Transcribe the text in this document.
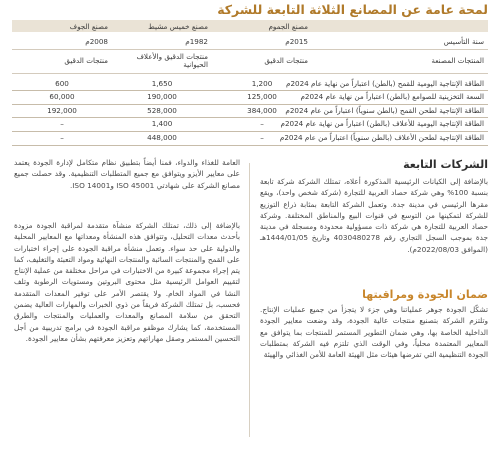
لمحة عامة عن المصانع الثلاثة التابعة للشركة
	مصنع الجموم	مصنع خميس مشيط	مصنع الجوف

سنة التأسيس	2015م	1982م	2008م
المنتجات المصنعة	منتجات الدقيق	منتجات الدقيق والأعلاف الحيوانية	منتجات الدقيق

الطاقة الإنتاجية اليومية للقمح (بالطن) اعتباراً من نهاية عام 2024م	1,200	1,650	600
السعة التخزينية للصوامع (بالطن) اعتباراً من نهاية عام 2024م	125,000	190,000	60,000
الطاقة الإنتاجية لطحن القمح (بالطن سنوياً) اعتباراً من عام 2024م	384,000	528,000	192,000
الطاقة الإنتاجية اليومية للأعلاف (بالطن) اعتباراً من نهاية عام 2024م	–	1,400	–
الطاقة الإنتاجية لطحن الأعلاف (بالطن سنوياً) اعتباراً من عام 2024م	–	448,000	–
الشركات التابعة

بالإضافة إلى الكيانات الرئيسية المذكورة أعلاه، تمتلك الشركة شركة تابعة بنسبة 100% وهي شركة حصاد العربية للتجارة (شركة شخص واحد)، ويقع مقرها الرئيسي في مدينة جدة. وتعمل الشركة التابعة بمثابة ذراع التوزيع للشركة لتمكينها من التوسع في قنوات البيع والمناطق المختلفة. وشركة حصاد العربية للتجارة هي شركة ذات مسؤولية محدودة ومسجلة في مدينة جدة بموجب السجل التجاري رقم 4030480278 وتاريخ 1444/01/05هـ (الموافق 2022/08/03م).

ضمان الجودة ومراقبتها

تشكّل الجودة جوهر عملياتنا وهي جزء لا يتجزأ من جميع عمليات الإنتاج. وتلتزم الشركة بتصنيع منتجات عالية الجودة، وقد وضعت معايير الجودة الداخلية الخاصة بها، وهي ضمان التطوير المستمر للمنتجات بما يتوافق مع المعايير المعتمدة محلياً، وفي الوقت الذي تلتزم فيه الشركة بمتطلبات الجودة التنظيمية التي تفرضها هيئات مثل الهيئة العامة للأمن الغذائي والهيئة

العامة للغذاء والدواء، فمنا أيضاً بتطبيق نظام متكامل لإدارة الجودة يعتمد على معايير الأيزو ويتوافق مع جميع المتطلبات التنظيمية. وقد حصلت جميع مصانع الشركة على شهادتي ISO 45001 وISO 14001.

بالإضافة إلى ذلك، تمتلك الشركة منشآة متقدمة لمراقبة الجودة مزودة بأحدث معدات التحليل، وتتوافق هذه المنشأة ومعداتها مع المعايير المحلية والدولية على حد سواء. وتعمل منشأة مراقبة الجودة على إجراء اختبارات على القمح والمنتجات السائبة والمنتجات النهائية ومواد التعبئة والتغليف، كما يتم إجراء مجموعة كبيرة من الاختبارات في مراحل مختلفة من عملية الإنتاج لتقييم العوامل الرئيسية مثل محتوى البروتين ومستويات الرطوبة وتلف النشا في المواد الخام. ولا يقتصر الأمر على توفير المعدات المتقدمة فحسب، بل تمتلك الشركة فريقاً من ذوي الخبرات والمهارات العالية يضمن التحقق من سلامة المصانع والمعدات والعمليات والمنتجات والطرق المستخدمة، كما يشارك موظفو مراقبة الجودة في برامج تدريبية من أجل التحسين المستمر وصقل مهاراتهم وتعزيز معرفتهم بشأن معايير الجودة.
